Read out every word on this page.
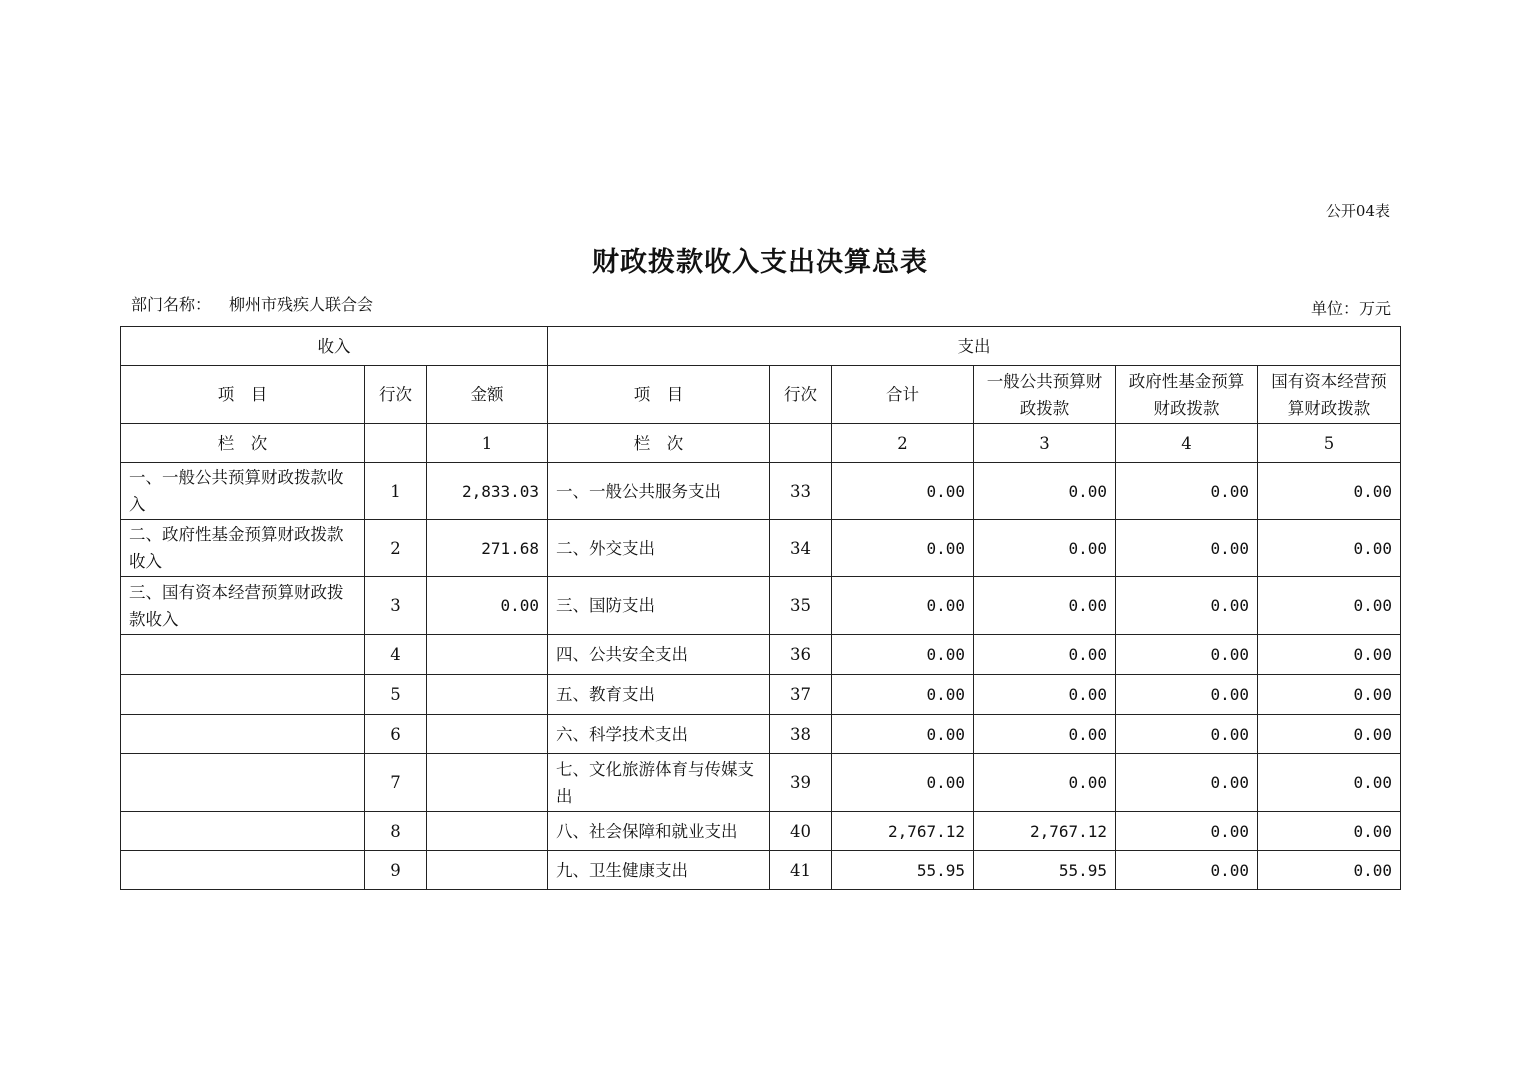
公开04表
财政拨款收入支出决算总表
部门名称： 柳州市残疾人联合会	单位：万元
收入			支出					
项　目	行次	金额	项　目	行次	合计	一般公共预算财政拨款	政府性基金预算财政拨款	国有资本经营预算财政拨款
栏　次		1	栏　次		2	3	4	5
一、一般公共预算财政拨款收入	1	2,833.03	一、一般公共服务支出	33	0.00	0.00	0.00	0.00
二、政府性基金预算财政拨款收入	2	271.68	二、外交支出	34	0.00	0.00	0.00	0.00
三、国有资本经营预算财政拨款收入	3	0.00	三、国防支出	35	0.00	0.00	0.00	0.00
	4		四、公共安全支出	36	0.00	0.00	0.00	0.00
	5		五、教育支出	37	0.00	0.00	0.00	0.00
	6		六、科学技术支出	38	0.00	0.00	0.00	0.00
	7		七、文化旅游体育与传媒支出	39	0.00	0.00	0.00	0.00
	8		八、社会保障和就业支出	40	2,767.12	2,767.12	0.00	0.00
	9		九、卫生健康支出	41	55.95	55.95	0.00	0.00
